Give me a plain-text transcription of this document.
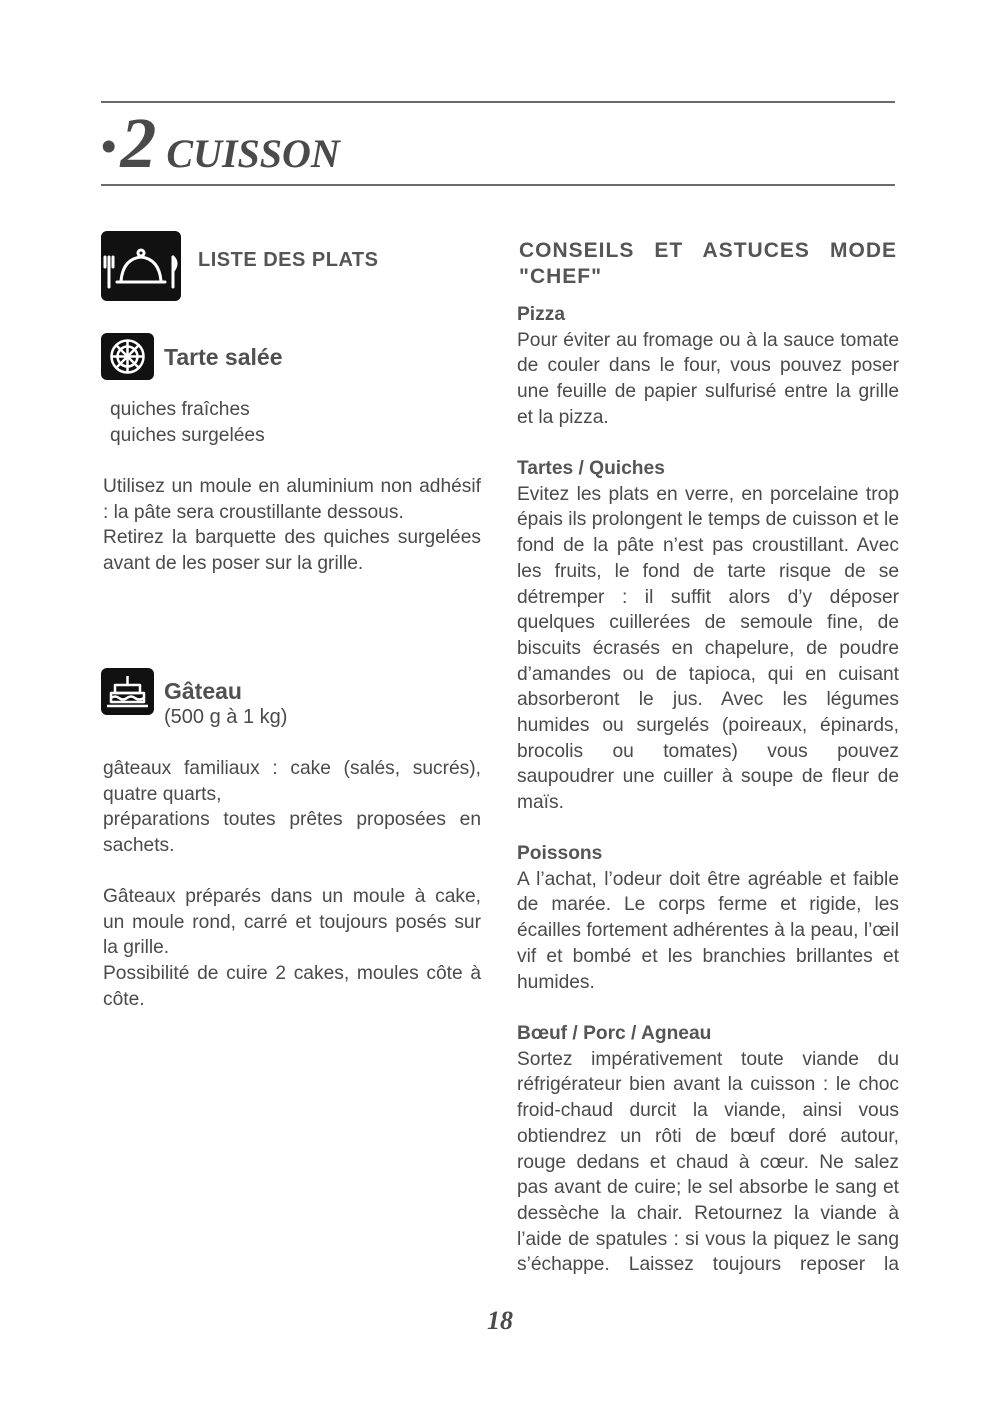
• 2 CUISSON
LISTE DES PLATS
Tarte salée
quiches fraîches
quiches surgelées

Utilisez un moule en aluminium non adhésif : la pâte sera croustillante dessous.

Retirez la barquette des quiches surgelées avant de les poser sur la grille.

Gâteau
(500 g à 1 kg)

gâteaux familiaux : cake (salés, sucrés), quatre quarts,

préparations toutes prêtes proposées en sachets.

Gâteaux préparés dans un moule à cake, un moule rond, carré et toujours posés sur la grille.

Possibilité de cuire 2 cakes, moules côte à côte.

CONSEILS ET ASTUCES MODE "CHEF"
Pizza

Pour éviter au fromage ou à la sauce tomate de couler dans le four, vous pouvez poser une feuille de papier sulfurisé entre la grille et la pizza.

Tartes / Quiches

Evitez les plats en verre, en porcelaine trop épais ils prolongent le temps de cuisson et le fond de la pâte n’est pas croustillant. Avec les fruits, le fond de tarte risque de se détremper : il suffit alors d’y déposer quelques cuillerées de semoule fine, de biscuits écrasés en chapelure, de poudre d’amandes ou de tapioca, qui en cuisant absorberont le jus. Avec les légumes humides ou surgelés (poireaux, épinards, brocolis ou tomates) vous pouvez saupoudrer une cuiller à soupe de fleur de maïs.

Poissons

A l’achat, l’odeur doit être agréable et faible de marée. Le corps ferme et rigide, les écailles fortement adhérentes à la peau, l’œil vif et bombé et les branchies brillantes et humides.

Bœuf / Porc / Agneau

Sortez impérativement toute viande du réfrigérateur bien avant la cuisson : le choc froid-chaud durcit la viande, ainsi vous obtiendrez un rôti de bœuf doré autour, rouge dedans et chaud à cœur. Ne salez pas avant de cuire; le sel absorbe le sang et dessèche la chair. Retournez la viande à l’aide de spatules : si vous la piquez le sang s’échappe. Laissez toujours reposer la

18
